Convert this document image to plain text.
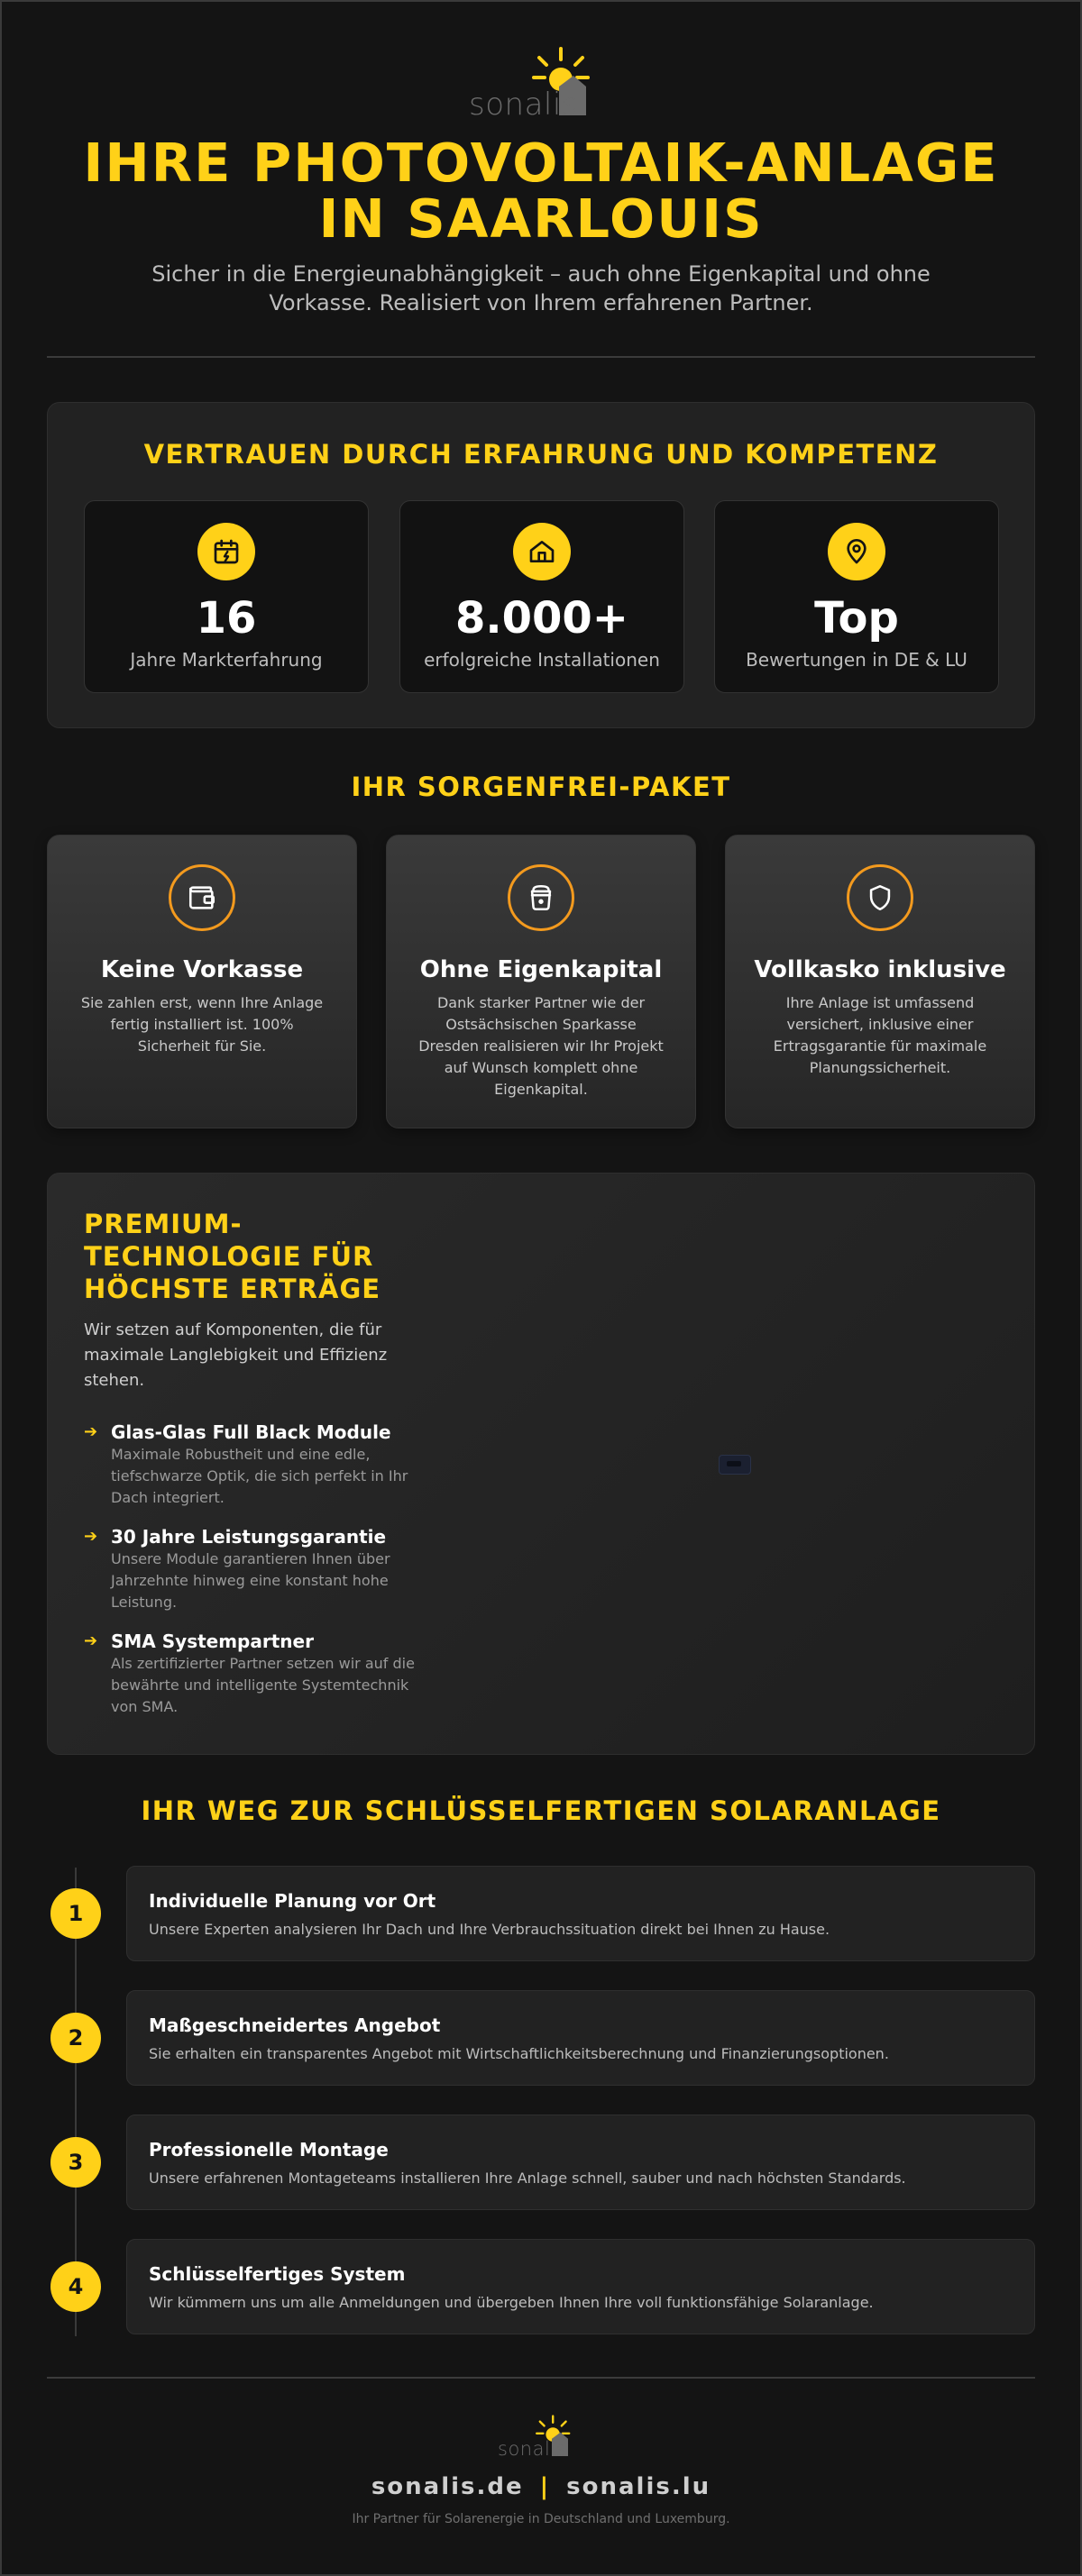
sonalis
IHRE PHOTOVOLTAIK-ANLAGE
IN SAARLOUIS

Sicher in die Energieunabhängigkeit – auch ohne Eigenkapital und ohne Vorkasse. Realisiert von Ihrem erfahrenen Partner.

VERTRAUEN DURCH ERFAHRUNG UND KOMPETENZ
16
Jahre Markterfahrung
8.000+
erfolgreiche Installationen
Top
Bewertungen in DE & LU
IHR SORGENFREI-PAKET
Keine Vorkasse
Sie zahlen erst, wenn Ihre Anlage fertig installiert ist. 100% Sicherheit für Sie.
Ohne Eigenkapital
Dank starker Partner wie der Ostsächsischen Sparkasse Dresden realisieren wir Ihr Projekt auf Wunsch komplett ohne Eigenkapital.
Vollkasko inklusive
Ihre Anlage ist umfassend versichert, inklusive einer Ertragsgarantie für maximale Planungssicherheit.
PREMIUM-
TECHNOLOGIE FÜR
HÖCHSTE ERTRÄGE

Wir setzen auf Komponenten, die für maximale Langlebigkeit und Effizienz stehen.

➔ Glas-Glas Full Black Module
Maximale Robustheit und eine edle, tiefschwarze Optik, die sich perfekt in Ihr Dach integriert.
➔ 30 Jahre Leistungsgarantie
Unsere Module garantieren Ihnen über Jahrzehnte hinweg eine konstant hohe Leistung.
➔ SMA Systempartner
Als zertifizierter Partner setzen wir auf die bewährte und intelligente Systemtechnik von SMA.
IHR WEG ZUR SCHLÜSSELFERTIGEN SOLARANLAGE
1	Individuelle Planung vor Ort
Unsere Experten analysieren Ihr Dach und Ihre Verbrauchssituation direkt bei Ihnen zu Hause.
2	Maßgeschneidertes Angebot
Sie erhalten ein transparentes Angebot mit Wirtschaftlichkeitsberechnung und Finanzierungsoptionen.
3	Professionelle Montage
Unsere erfahrenen Montageteams installieren Ihre Anlage schnell, sauber und nach höchsten Standards.
4	Schlüsselfertiges System
Wir kümmern uns um alle Anmeldungen und übergeben Ihnen Ihre voll funktionsfähige Solaranlage.
sonalis
sonalis.de | sonalis.lu
Ihr Partner für Solarenergie in Deutschland und Luxemburg.
